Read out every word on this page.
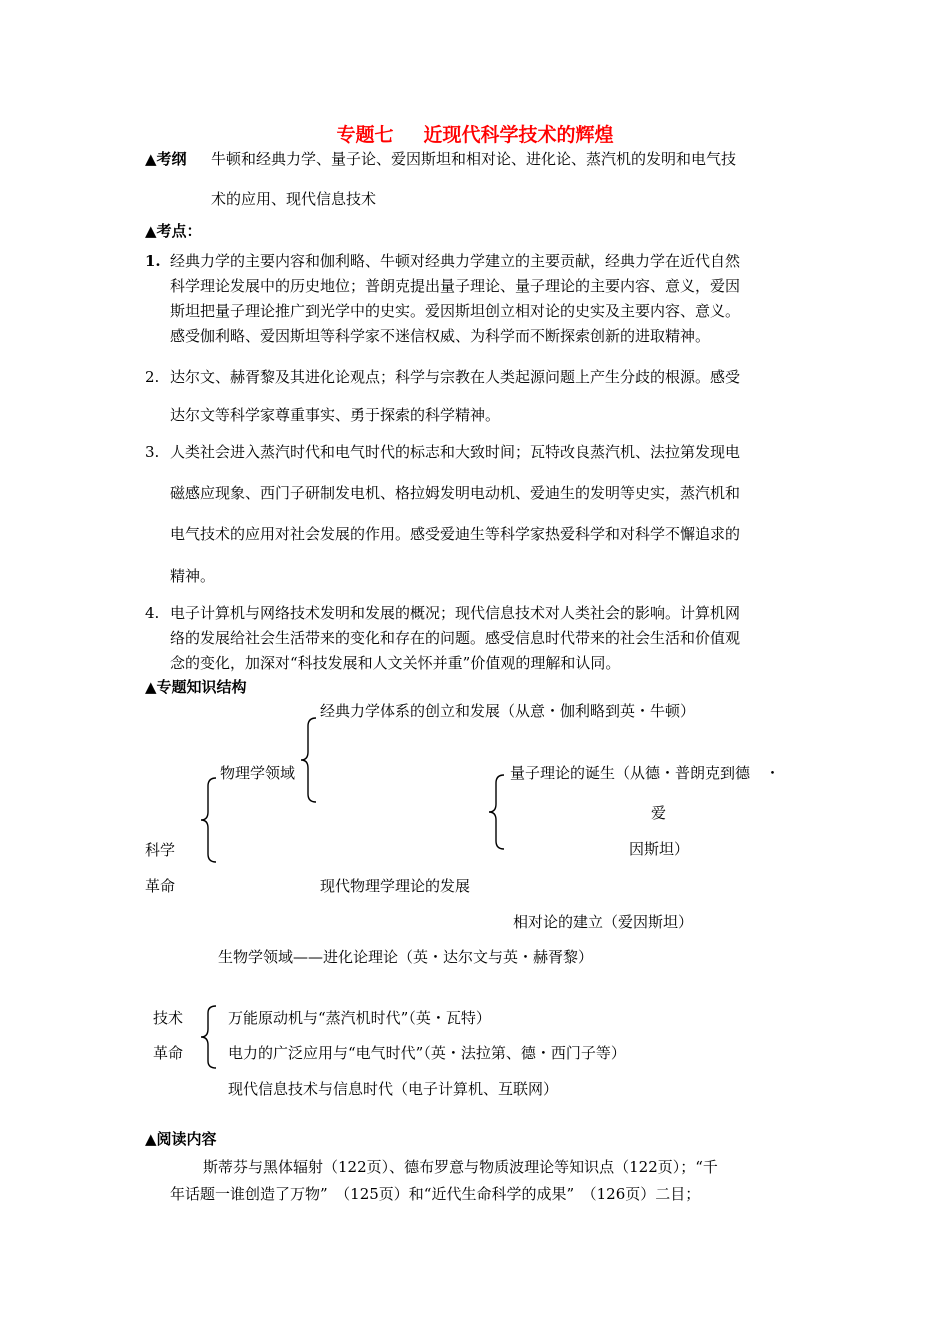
专题七 近现代科学技术的辉煌
▲考纲 牛顿和经典力学、量子论、爱因斯坦和相对论、进化论、蒸汽机的发明和电气技
术的应用、现代信息技术
▲考点：
1. 经典力学的主要内容和伽利略、牛顿对经典力学建立的主要贡献，经典力学在近代自然
科学理论发展中的历史地位；普朗克提出量子理论、量子理论的主要内容、意义，爱因
斯坦把量子理论推广到光学中的史实。爱因斯坦创立相对论的史实及主要内容、意义。
感受伽利略、爱因斯坦等科学家不迷信权威、为科学而不断探索创新的进取精神。
2. 达尔文、赫胥黎及其进化论观点；科学与宗教在人类起源问题上产生分歧的根源。感受
达尔文等科学家尊重事实、勇于探索的科学精神。
3. 人类社会进入蒸汽时代和电气时代的标志和大致时间；瓦特改良蒸汽机、法拉第发现电
磁感应现象、西门子研制发电机、格拉姆发明电动机、爱迪生的发明等史实，蒸汽机和
电气技术的应用对社会发展的作用。感受爱迪生等科学家热爱科学和对科学不懈追求的
精神。
4. 电子计算机与网络技术发明和发展的概况；现代信息技术对人类社会的影响。计算机网
络的发展给社会生活带来的变化和存在的问题。感受信息时代带来的社会生活和价值观
念的变化，加深对“科技发展和人文关怀并重”价值观的理解和认同。
▲专题知识结构
经典力学体系的创立和发展（从意・伽利略到英・牛顿）
物理学领域	量子理论的诞生（从德・普朗克到德　・
爱
因斯坦）
科学
革命	现代物理学理论的发展
相对论的建立（爱因斯坦）
生物学领域——进化论理论（英・达尔文与英・赫胥黎）
技术	万能原动机与“蒸汽机时代”（英・瓦特）
革命	电力的广泛应用与“电气时代”（英・法拉第、德・西门子等）
现代信息技术与信息时代（电子计算机、互联网）
▲阅读内容
斯蒂芬与黑体辐射（122页）、德布罗意与物质波理论等知识点（122页）；“千
年话题一谁创造了万物”　（125页）和“近代生命科学的成果”　（126页）二目；
